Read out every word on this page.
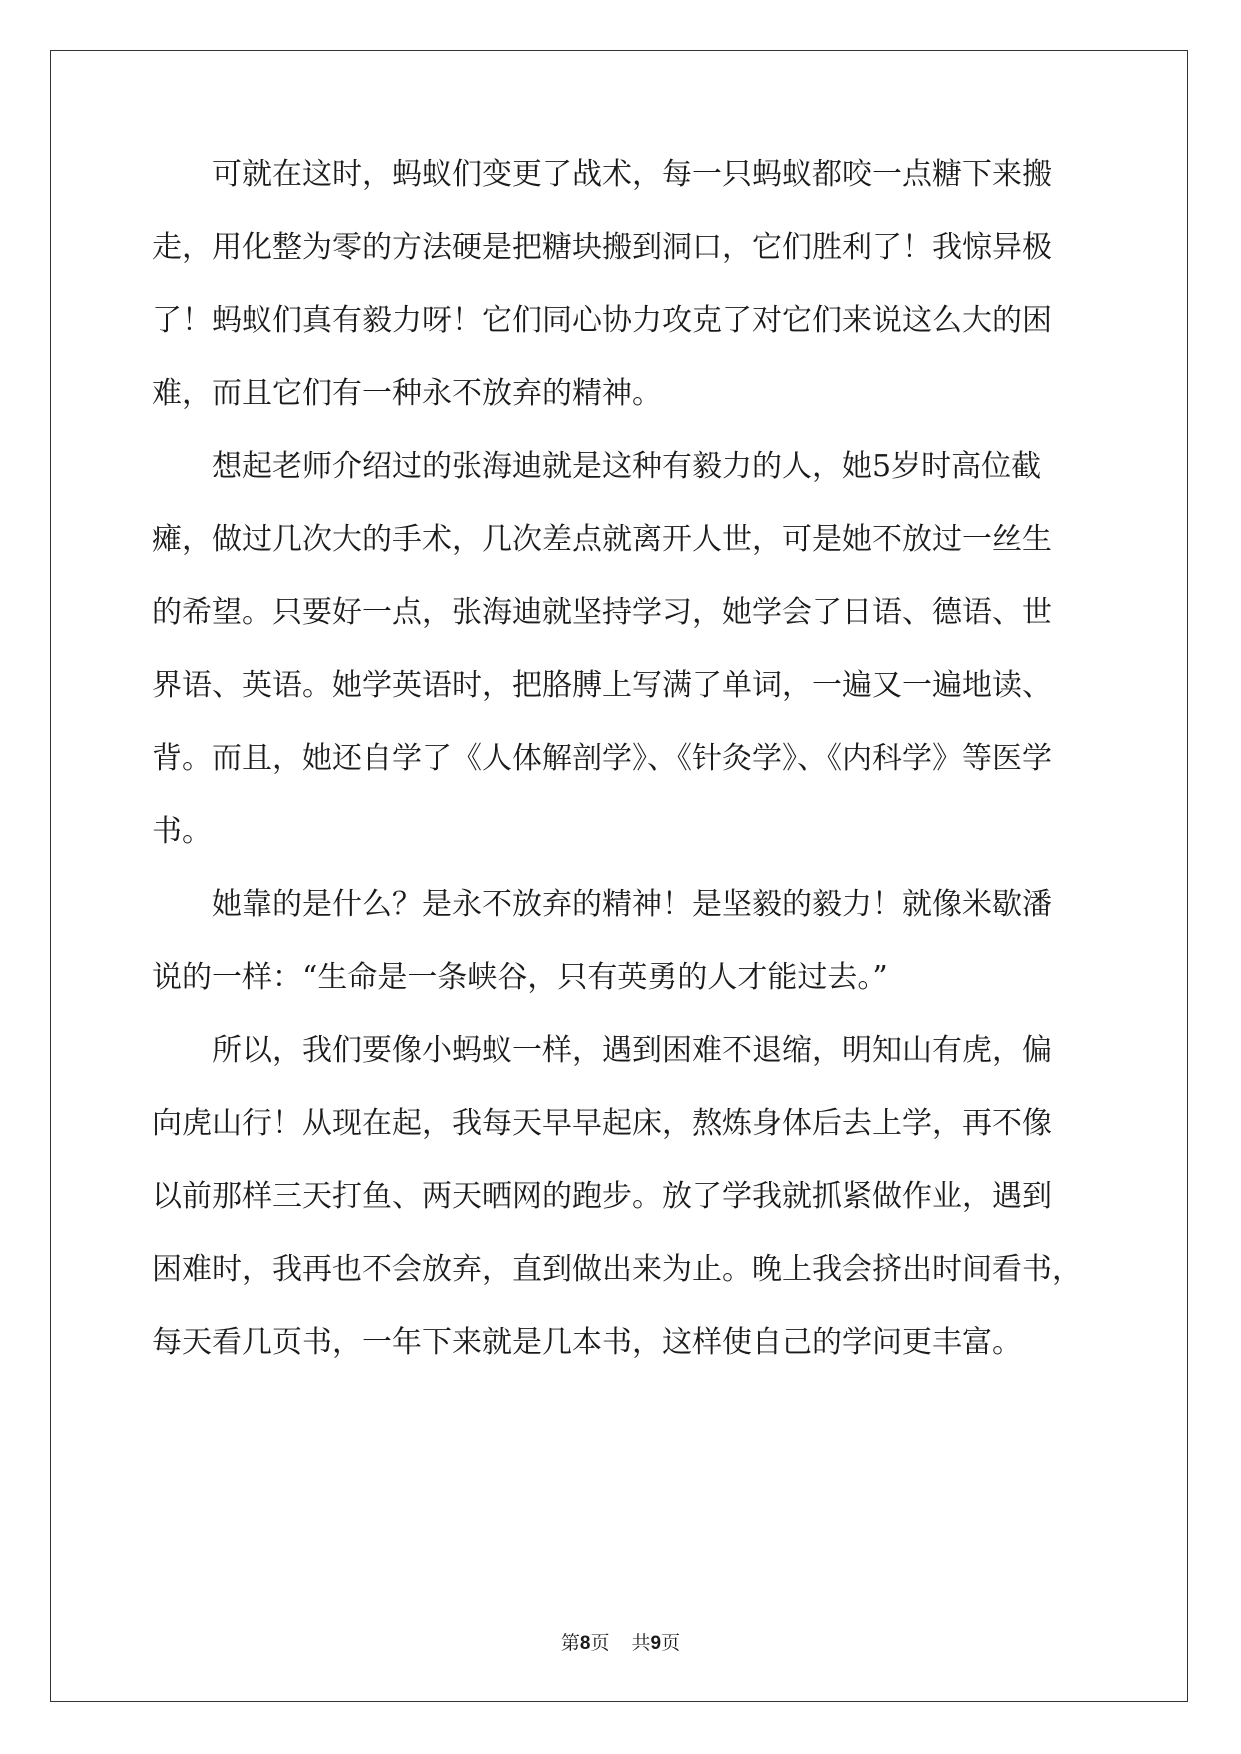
　　可就在这时，蚂蚁们变更了战术，每一只蚂蚁都咬一点糖下来搬
走，用化整为零的方法硬是把糖块搬到洞口，它们胜利了！我惊异极
了！蚂蚁们真有毅力呀！它们同心协力攻克了对它们来说这么大的困
难，而且它们有一种永不放弃的精神。
　　想起老师介绍过的张海迪就是这种有毅力的人，她5岁时高位截
瘫，做过几次大的手术，几次差点就离开人世，可是她不放过一丝生
的希望。只要好一点，张海迪就坚持学习，她学会了日语、德语、世
界语、英语。她学英语时，把胳膊上写满了单词，一遍又一遍地读、
背。而且，她还自学了《人体解剖学》、《针灸学》、《内科学》等医学
书。
　　她靠的是什么？是永不放弃的精神！是坚毅的毅力！就像米歇潘
说的一样：“生命是一条峡谷，只有英勇的人才能过去。”
　　所以，我们要像小蚂蚁一样，遇到困难不退缩，明知山有虎，偏
向虎山行！从现在起，我每天早早起床，熬炼身体后去上学，再不像
以前那样三天打鱼、两天晒网的跑步。放了学我就抓紧做作业，遇到
困难时，我再也不会放弃，直到做出来为止。晚上我会挤出时间看书，
每天看几页书，一年下来就是几本书，这样使自己的学问更丰富。
第8页 共9页
